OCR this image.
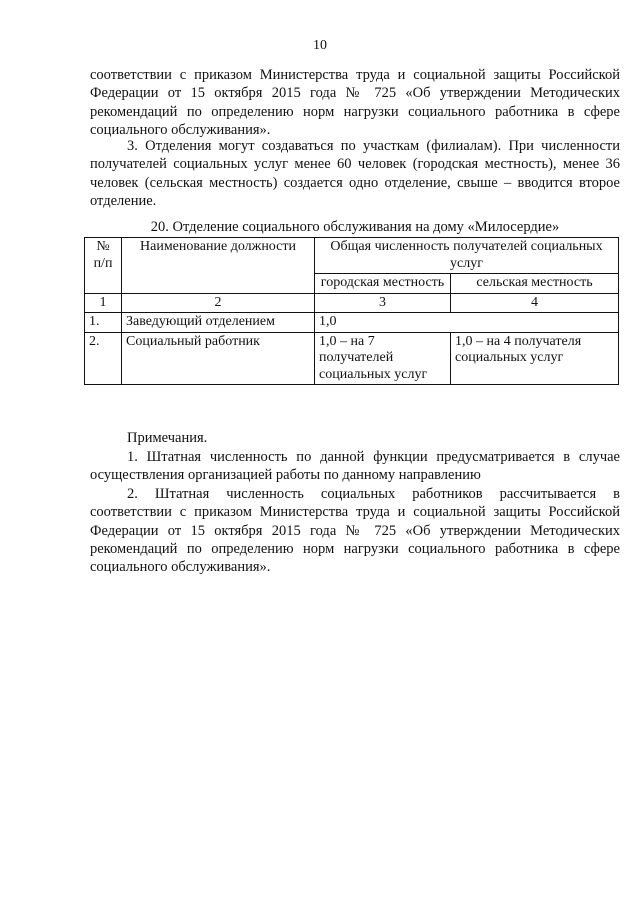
10

соответствии с приказом Министерства труда и социальной защиты Российской Федерации от 15 октября 2015 года № 725 «Об утверждении Методических рекомендаций по определению норм нагрузки социального работника в сфере социального обслуживания».

3. Отделения могут создаваться по участкам (филиалам). При численности получателей социальных услуг менее 60 человек (городская местность), менее 36 человек (сельская местность) создается одно отделение, свыше – вводится второе отделение.

20. Отделение социального обслуживания на дому «Милосердие»
№ п/п	Наименование должности	Общая численность получателей социальных услуг	
		городская местность	сельская местность
1	2	3	4
1.	Заведующий отделением	1,0	
2.	Социальный работник	1,0 – на 7 получателей социальных услуг	1,0 – на 4 получателя социальных услуг
Примечания.

1. Штатная численность по данной функции предусматривается в случае осуществления организацией работы по данному направлению

2. Штатная численность социальных работников рассчитывается в соответствии с приказом Министерства труда и социальной защиты Российской Федерации от 15 октября 2015 года № 725 «Об утверждении Методических рекомендаций по определению норм нагрузки социального работника в сфере социального обслуживания».
